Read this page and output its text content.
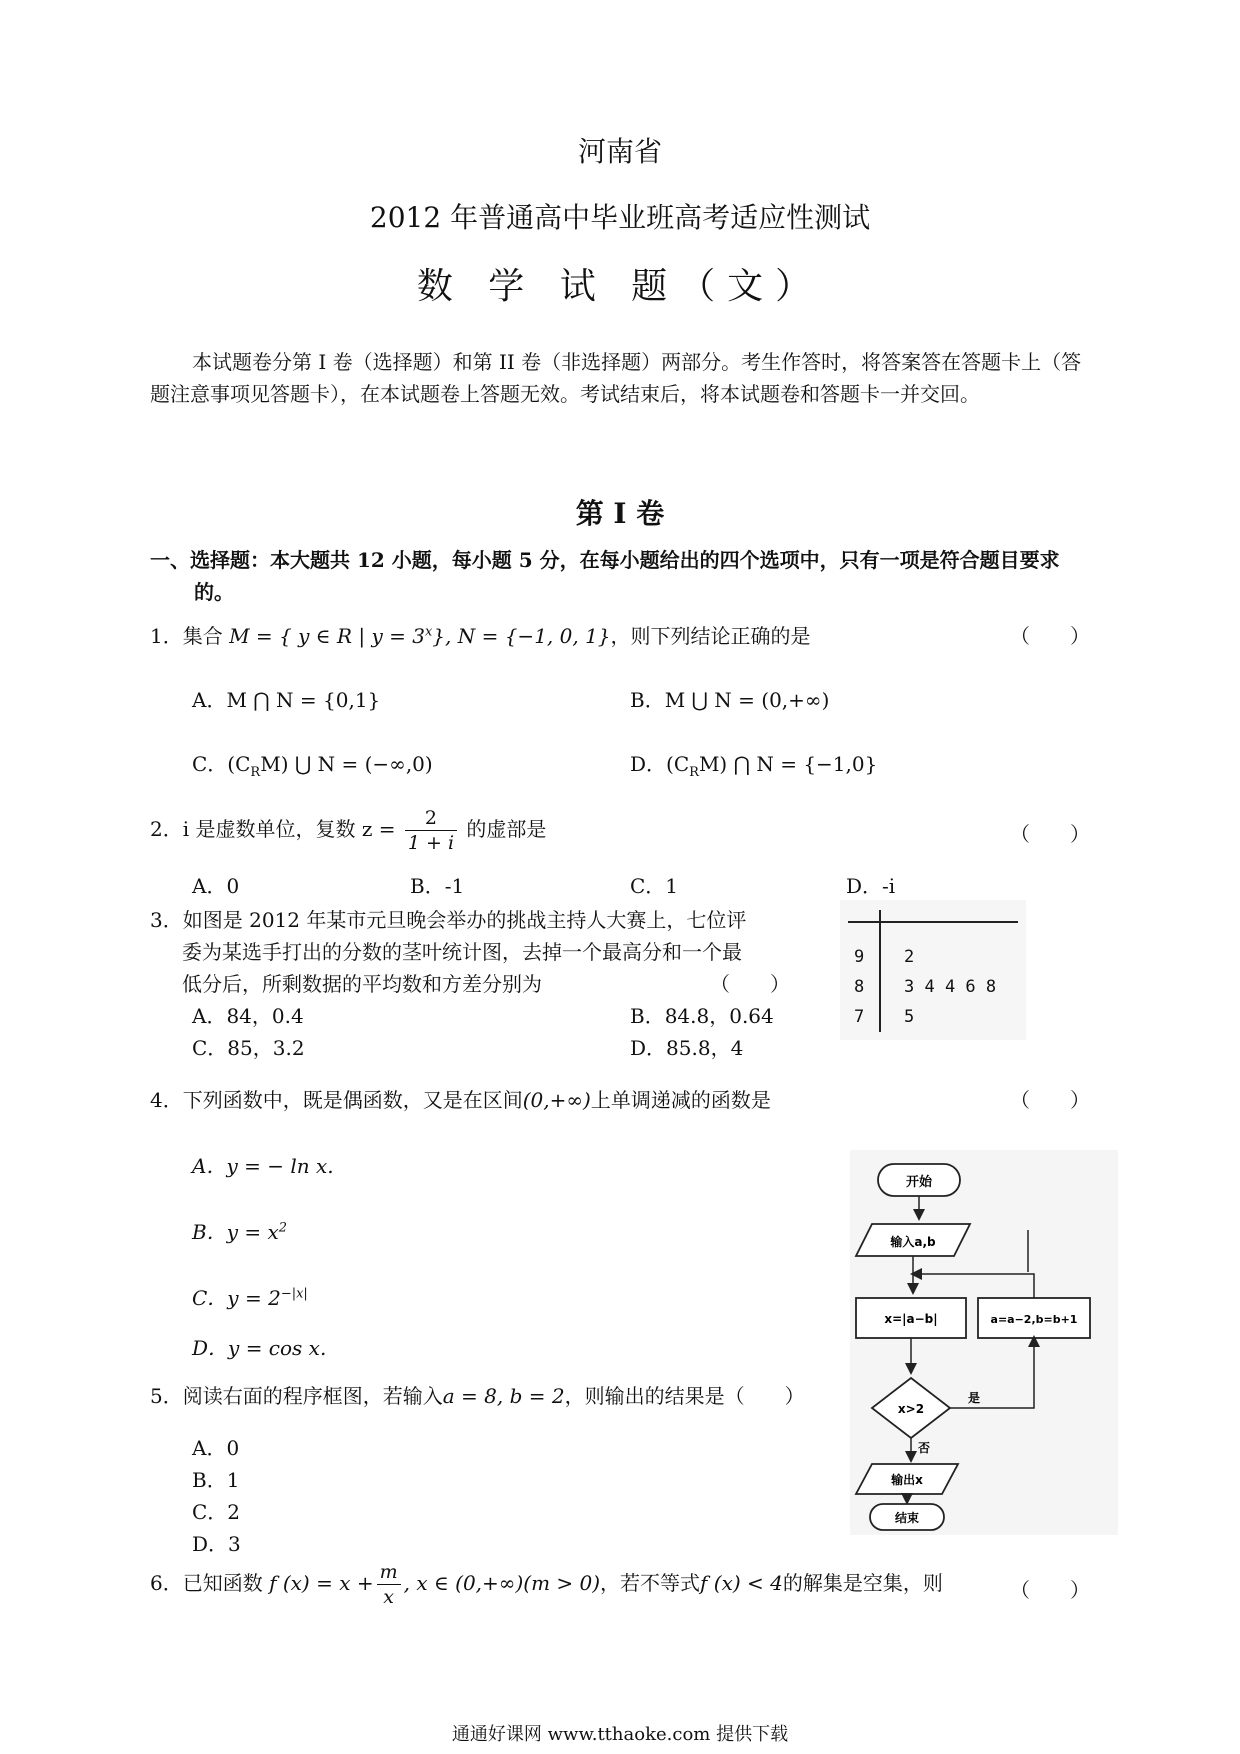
河南省
2012 年普通高中毕业班高考适应性测试
数 学 试 题（文）
本试题卷分第 I 卷（选择题）和第 II 卷（非选择题）两部分。考生作答时，将答案答在答题卡上（答题注意事项见答题卡），在本试题卷上答题无效。考试结束后，将本试题卷和答题卡一并交回。
第 I 卷
一、选择题：本大题共 12 小题，每小题 5 分，在每小题给出的四个选项中，只有一项是符合题目要求的。
1．集合 M = { y ∈ R | $y = 3^x$}, N = {−1, 0, 1}，则下列结论正确的是	（　　）
A．M ⋂ N = {0,1}	B．M ⋃ N = (0,+∞)
C．$(C_RM)$ ⋃ N = (−∞,0)	D．$(C_RM)$ ⋂ N = {−1,0}
2．i 是虚数单位，复数 $z = \frac{2}{1 + i}$ 的虚部是	（　　）
A．0	B．-1	C．1	D．-i
3．如图是 2012 年某市元旦晚会举办的挑战主持人大赛上，七位评
委为某选手打出的分数的茎叶统计图，去掉一个最高分和一个最
低分后，所剩数据的平均数和方差分别为	（　　）
A．84，0.4	B．84.8，0.64
C．85，3.2	D．85.8，4
9 2
8 3 4 4 6 8
7 5
4．下列函数中，既是偶函数，又是在区间(0,+∞)上单调递减的函数是	（　　）
A．y = − ln x.
B．$y = x^2$
C．$y = 2^{-|x|}$
D．y = cos x.
5．阅读右面的程序框图，若输入a = 8, b = 2，则输出的结果是（　　）
A．0
B．1
C．2
D．3
开始
输入a,b
x=|a−b|	a=a−2,b=b+1
x>2
是
否
输出x
结束
6．已知函数 f $(x) = x + \frac{m}{x}$ , x ∈ (0,+∞)(m > 0)，若不等式f (x) < 4的解集是空集，则	（　　）
通通好课网 www.tthaoke.com 提供下载
